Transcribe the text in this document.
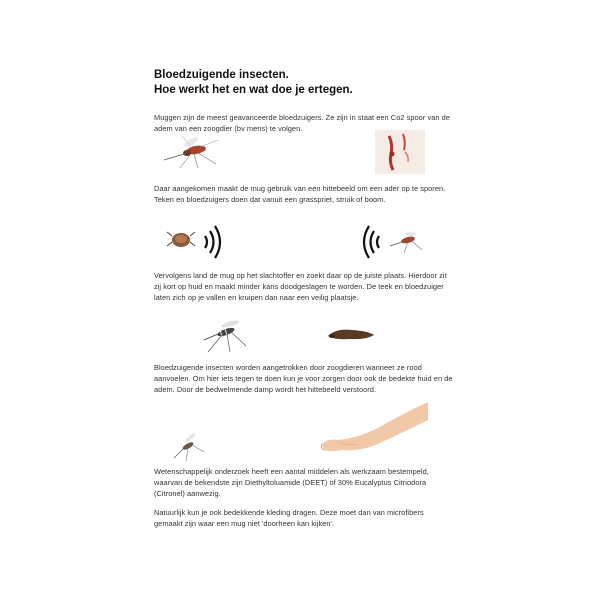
Bloedzuigende insecten.
Hoe werkt het en wat doe je ertegen.
Muggen zijn de meest geavanceerde bloedzuigers. Ze zijn in staat een Co2 spoor van de adem van een zoogdier (bv mens) te volgen.
Daar aangekomen maakt de mug gebruik van een hittebeeld om een ader op te sporen. Teken en bloedzuigers doen dat vanuit een grasspriet, struik of boom.
Vervolgens land de mug op het slachtoffer en zoekt daar op de juiste plaats. Hierdoor zit zij kort op huid en maakt minder kans doodgeslagen te worden. De teek en bloedzuiger laten zich op je vallen en kruipen dan naar een veilig plaatsje.
Bloedzuigende insecten worden aangetrokken door zoogdieren wanneer ze rood aanvoelen. Om hier iets tegen te doen kun je voor zorgen door ook de bedekte huid en de adem. Door de bedwelmende damp wordt het hittebeeld verstoord.
Wetenschappelijk onderzoek heeft een aantal middelen als werkzaam bestempeld, waarvan de bekendste zijn Diethyltoluamide (DEET) of 30% Eucalyptus Citriodora (Citronel) aanwezig.
Natuurlijk kun je ook bedekkende kleding dragen. Deze moet dan van microfibers gemaakt zijn waar een mug niet 'doorheen kan kijken'.
